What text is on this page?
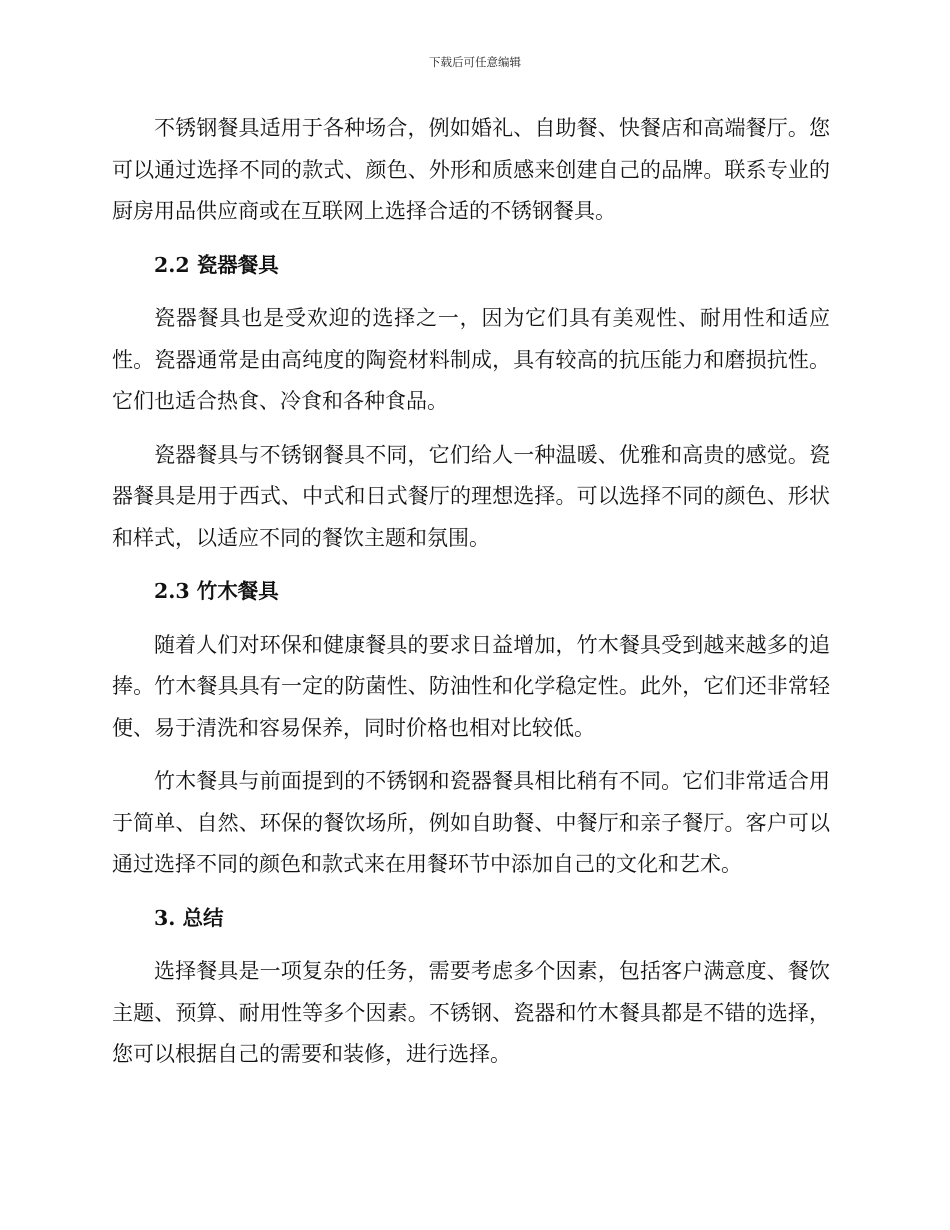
下载后可任意编辑

不锈钢餐具适用于各种场合，例如婚礼、自助餐、快餐店和高端餐厅。您可以通过选择不同的款式、颜色、外形和质感来创建自己的品牌。联系专业的厨房用品供应商或在互联网上选择合适的不锈钢餐具。

2.2 瓷器餐具

瓷器餐具也是受欢迎的选择之一，因为它们具有美观性、耐用性和适应性。瓷器通常是由高纯度的陶瓷材料制成，具有较高的抗压能力和磨损抗性。它们也适合热食、冷食和各种食品。

瓷器餐具与不锈钢餐具不同，它们给人一种温暖、优雅和高贵的感觉。瓷器餐具是用于西式、中式和日式餐厅的理想选择。可以选择不同的颜色、形状和样式，以适应不同的餐饮主题和氛围。

2.3 竹木餐具

随着人们对环保和健康餐具的要求日益增加，竹木餐具受到越来越多的追捧。竹木餐具具有一定的防菌性、防油性和化学稳定性。此外，它们还非常轻便、易于清洗和容易保养，同时价格也相对比较低。

竹木餐具与前面提到的不锈钢和瓷器餐具相比稍有不同。它们非常适合用于简单、自然、环保的餐饮场所，例如自助餐、中餐厅和亲子餐厅。客户可以通过选择不同的颜色和款式来在用餐环节中添加自己的文化和艺术。

3. 总结

选择餐具是一项复杂的任务，需要考虑多个因素，包括客户满意度、餐饮主题、预算、耐用性等多个因素。不锈钢、瓷器和竹木餐具都是不错的选择，您可以根据自己的需要和装修，进行选择。
